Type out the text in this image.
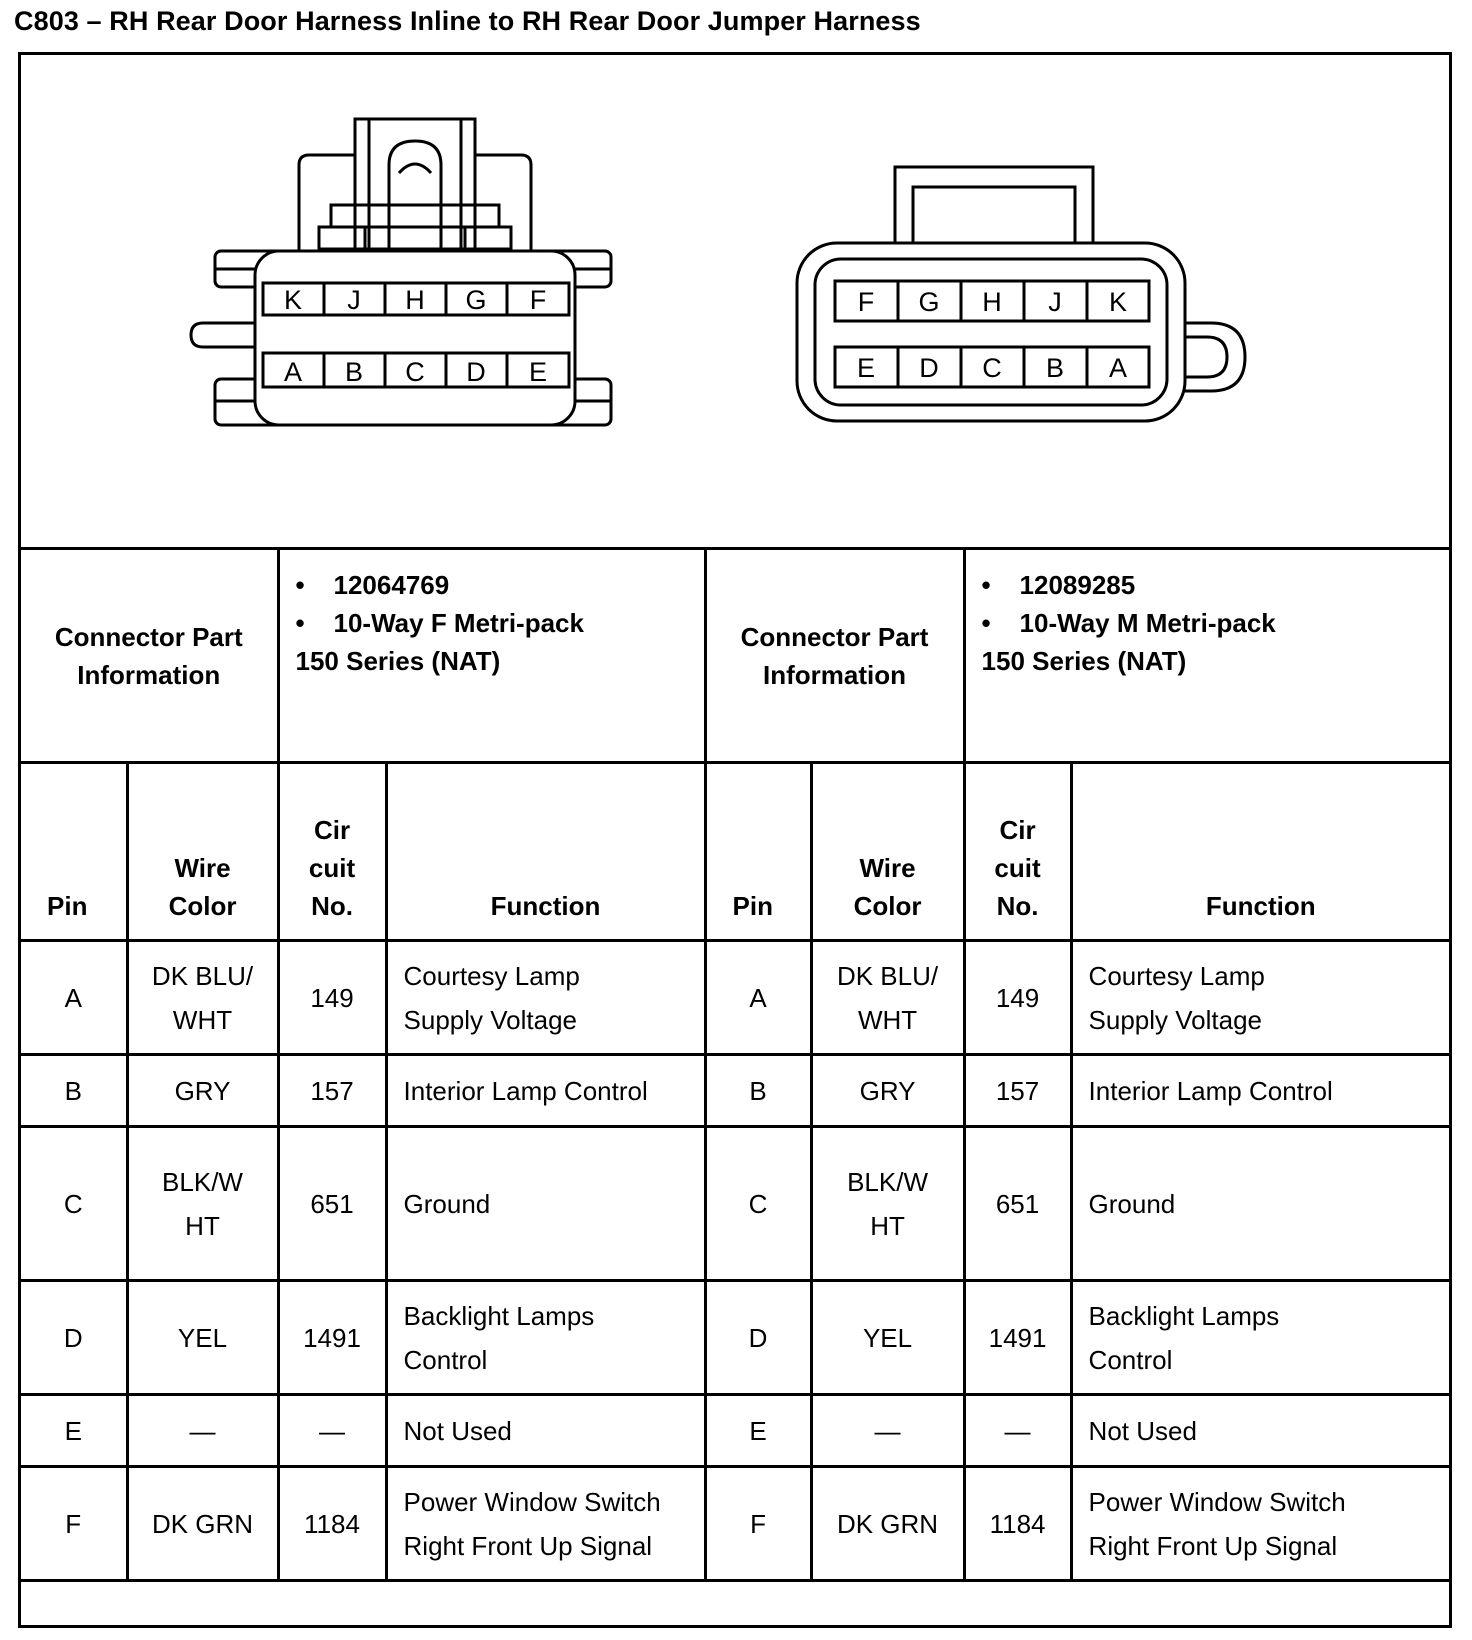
C803 – RH Rear Door Harness Inline to RH Rear Door Jumper Harness
K J H G F
A B C D E
F G H J K
E D C B A
Connector Part Information		• 12064769
• 10-Way F Metri-pack
150 Series (NAT)		Connector Part Information		• 12089285
• 10-Way M Metri-pack
150 Series (NAT)	

Pin	Wire
Color	Cir
cuit
No.	Function	Pin	Wire
Color	Cir
cuit
No.	Function
A	DK BLU/
WHT	149	Courtesy Lamp
Supply Voltage	A	DK BLU/
WHT	149	Courtesy Lamp
Supply Voltage
B	GRY	157	Interior Lamp Control	B	GRY	157	Interior Lamp Control
C	BLK/W
HT	651	Ground	C	BLK/W
HT	651	Ground
D	YEL	1491	Backlight Lamps
Control	D	YEL	1491	Backlight Lamps
Control
E	—	—	Not Used	E	—	—	Not Used
F	DK GRN	1184	Power Window Switch
Right Front Up Signal	F	DK GRN	1184	Power Window Switch
Right Front Up Signal
